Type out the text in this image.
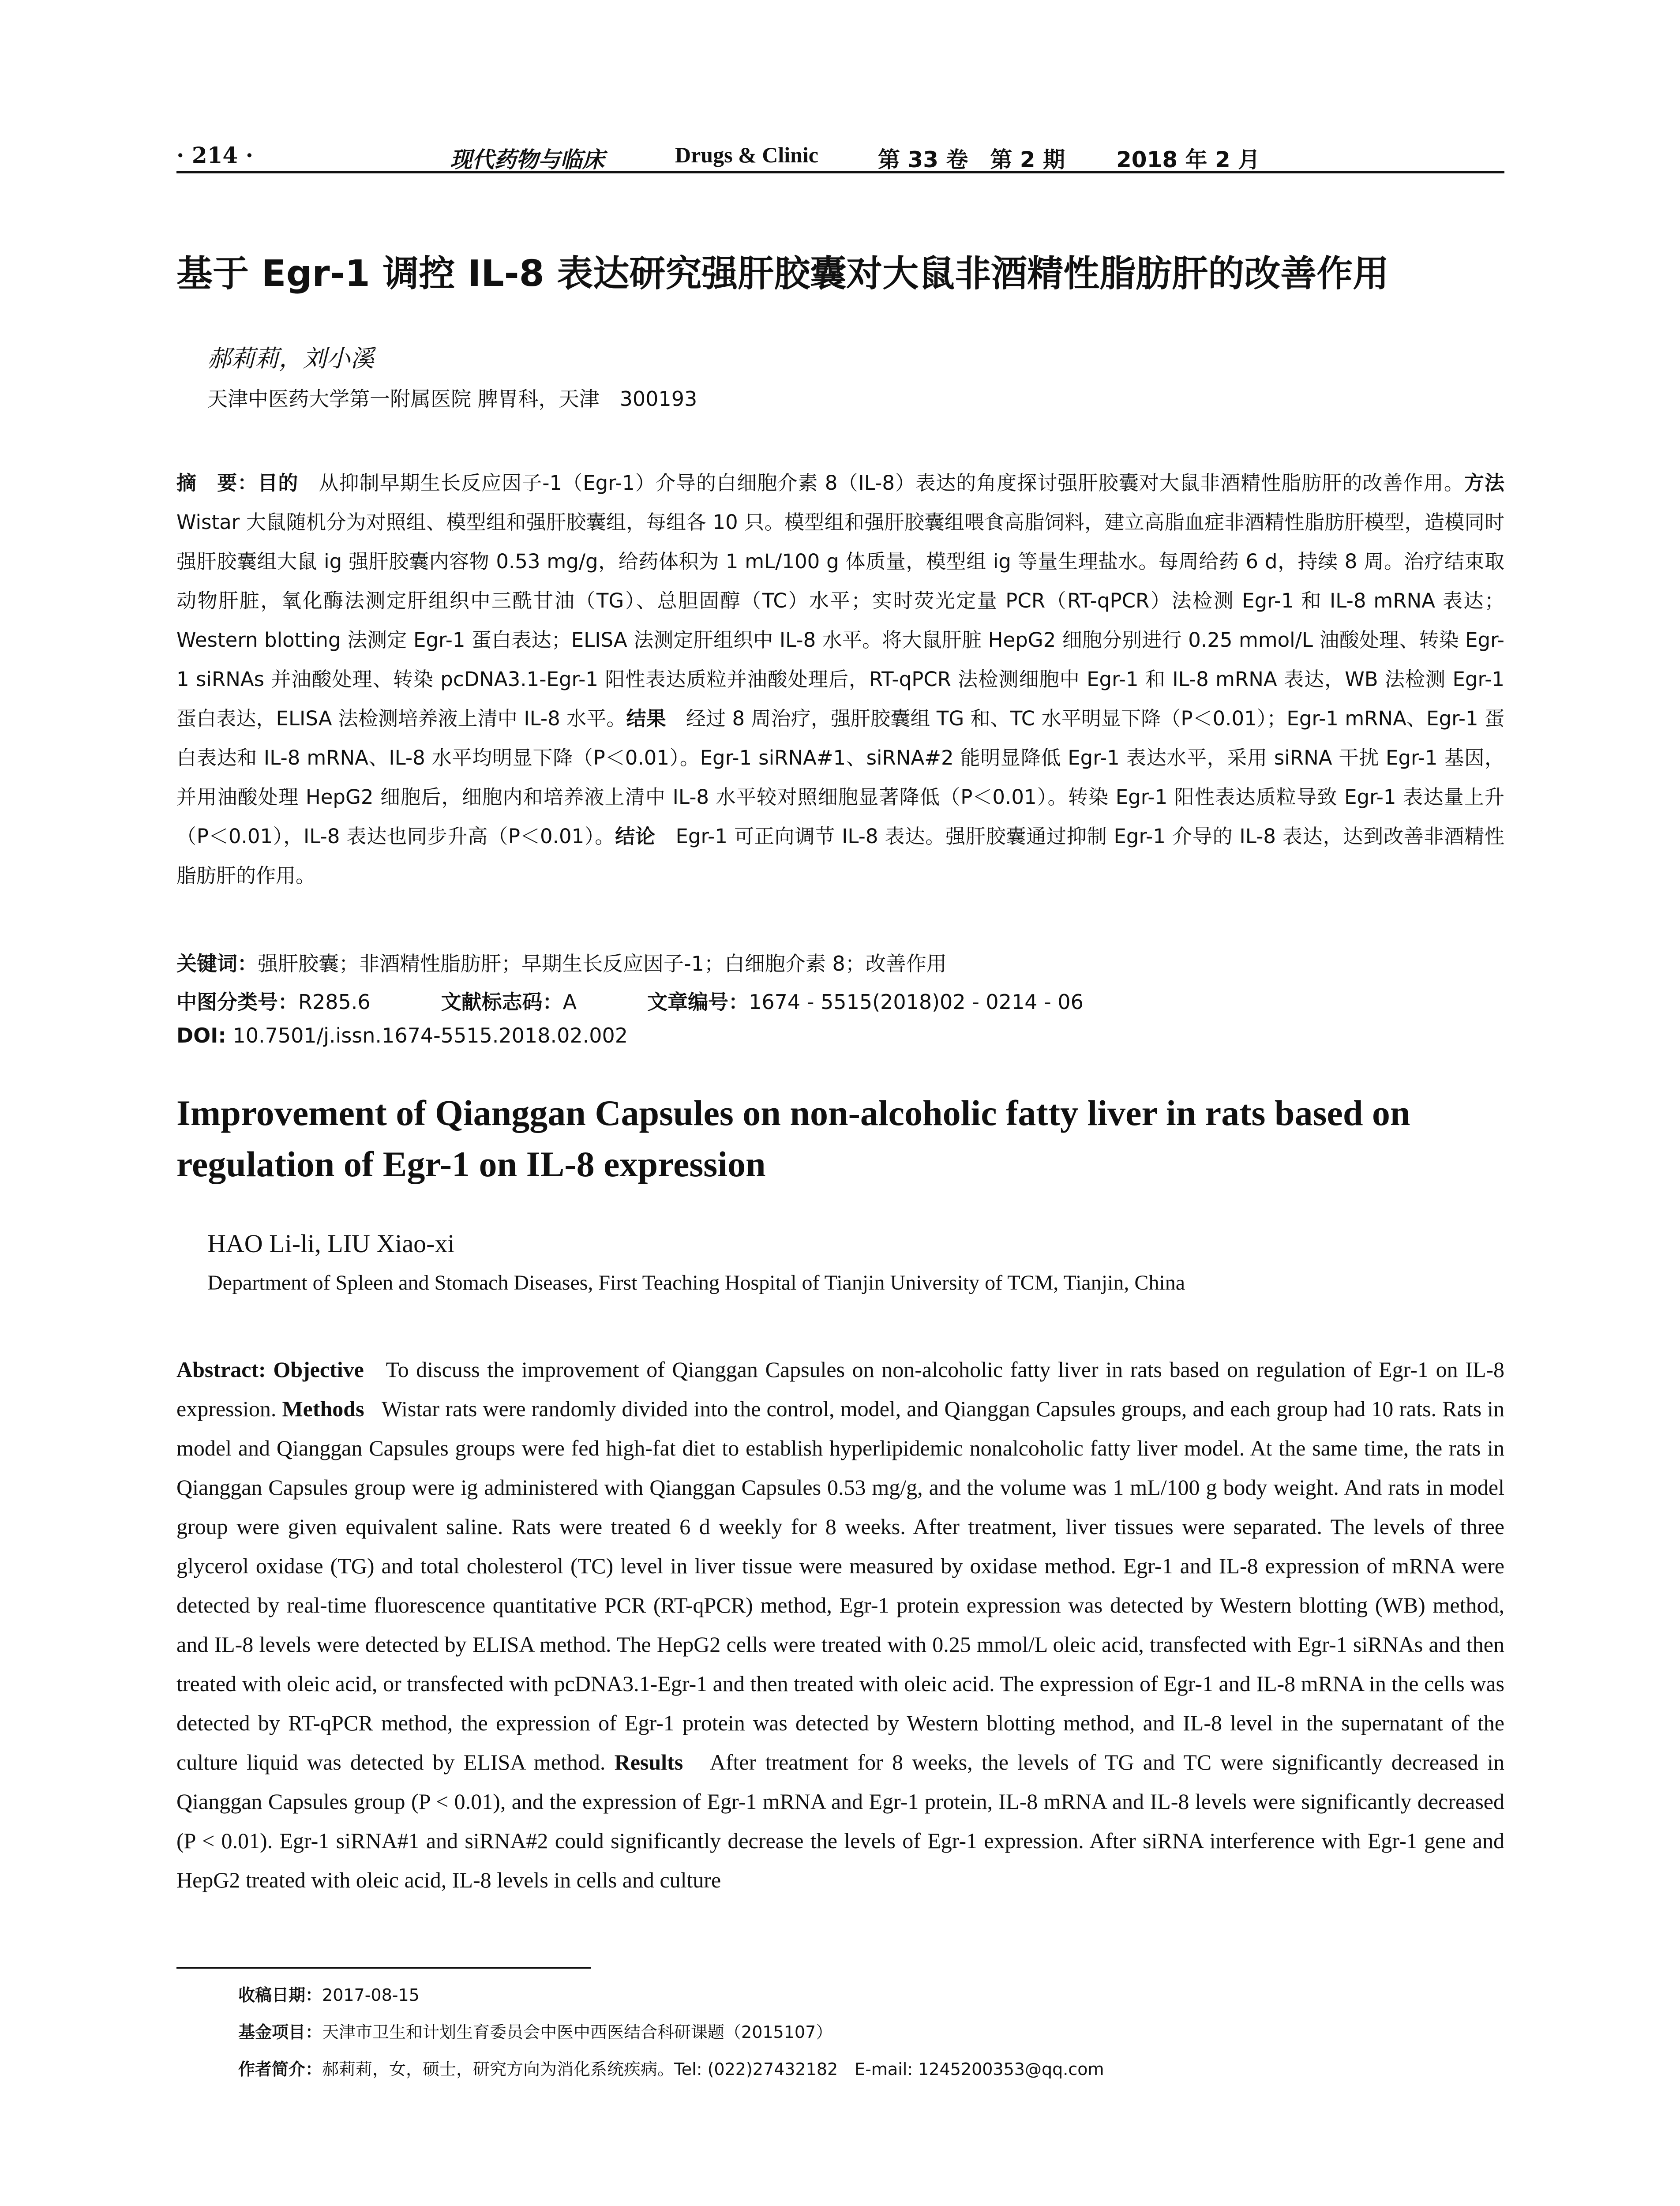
· 214 ·	现代药物与临床	Drugs & Clinic	第 33 卷　第 2 期 2018 年 2 月
基于 Egr-1 调控 IL-8 表达研究强肝胶囊对大鼠非酒精性脂肪肝的改善作用
郝莉莉，刘小溪
天津中医药大学第一附属医院 脾胃科，天津　300193
摘　要：目的　 从抑制早期生长反应因子-1（Egr-1）介导的白细胞介素 8（IL-8）表达的角度探讨强肝胶囊对大鼠非酒精性脂肪肝的改善作用。方法　Wistar 大鼠随机分为对照组、模型组和强肝胶囊组，每组各 10 只。模型组和强肝胶囊组喂食高脂饲料，建立高脂血症非酒精性脂肪肝模型，造模同时强肝胶囊组大鼠 ig 强肝胶囊内容物 0.53 mg/g，给药体积为 1 mL/100 g 体质量，模型组 ig 等量生理盐水。每周给药 6 d，持续 8 周。治疗结束取动物肝脏，氧化酶法测定肝组织中三酰甘油（TG）、总胆固醇（TC）水平；实时荧光定量 PCR（RT-qPCR）法检测 Egr-1 和 IL-8 mRNA 表达；Western blotting 法测定 Egr-1 蛋白表达；ELISA 法测定肝组织中 IL-8 水平。将大鼠肝脏 HepG2 细胞分别进行 0.25 mmol/L 油酸处理、转染 Egr-1 siRNAs 并油酸处理、转染 pcDNA3.1-Egr-1 阳性表达质粒并油酸处理后，RT-qPCR 法检测细胞中 Egr-1 和 IL-8 mRNA 表达，WB 法检测 Egr-1 蛋白表达，ELISA 法检测培养液上清中 IL-8 水平。结果　 经过 8 周治疗，强肝胶囊组 TG 和、TC 水平明显下降（P＜0.01）；Egr-1 mRNA、Egr-1 蛋白表达和 IL-8 mRNA、IL-8 水平均明显下降（P＜0.01）。Egr-1 siRNA#1、siRNA#2 能明显降低 Egr-1 表达水平，采用 siRNA 干扰 Egr-1 基因，并用油酸处理 HepG2 细胞后，细胞内和培养液上清中 IL-8 水平较对照细胞显著降低（P＜0.01）。转染 Egr-1 阳性表达质粒导致 Egr-1 表达量上升（P＜0.01），IL-8 表达也同步升高（P＜0.01）。结论　 Egr-1 可正向调节 IL-8 表达。强肝胶囊通过抑制 Egr-1 介导的 IL-8 表达，达到改善非酒精性脂肪肝的作用。
关键词：强肝胶囊；非酒精性脂肪肝；早期生长反应因子-1；白细胞介素 8；改善作用
中图分类号：R285.6	文献标志码：A	文章编号：1674 - 5515(2018)02 - 0214 - 06
DOI: 10.7501/j.issn.1674-5515.2018.02.002
Improvement of Qianggan Capsules on non-alcoholic fatty liver in rats based on regulation of Egr-1 on IL-8 expression
HAO Li-li, LIU Xiao-xi
Department of Spleen and Stomach Diseases, First Teaching Hospital of Tianjin University of TCM, Tianjin, China
Abstract: Objective To discuss the improvement of Qianggan Capsules on non-alcoholic fatty liver in rats based on regulation of Egr-1 on IL-8 expression. Methods Wistar rats were randomly divided into the control, model, and Qianggan Capsules groups, and each group had 10 rats. Rats in model and Qianggan Capsules groups were fed high-fat diet to establish hyperlipidemic nonalcoholic fatty liver model. At the same time, the rats in Qianggan Capsules group were ig administered with Qianggan Capsules 0.53 mg/g, and the volume was 1 mL/100 g body weight. And rats in model group were given equivalent saline. Rats were treated 6 d weekly for 8 weeks. After treatment, liver tissues were separated. The levels of three glycerol oxidase (TG) and total cholesterol (TC) level in liver tissue were measured by oxidase method. Egr-1 and IL-8 expression of mRNA were detected by real-time fluorescence quantitative PCR (RT-qPCR) method, Egr-1 protein expression was detected by Western blotting (WB) method, and IL-8 levels were detected by ELISA method. The HepG2 cells were treated with 0.25 mmol/L oleic acid, transfected with Egr-1 siRNAs and then treated with oleic acid, or transfected with pcDNA3.1-Egr-1 and then treated with oleic acid. The expression of Egr-1 and IL-8 mRNA in the cells was detected by RT-qPCR method, the expression of Egr-1 protein was detected by Western blotting method, and IL-8 level in the supernatant of the culture liquid was detected by ELISA method. Results After treatment for 8 weeks, the levels of TG and TC were significantly decreased in Qianggan Capsules group (P < 0.01), and the expression of Egr-1 mRNA and Egr-1 protein, IL-8 mRNA and IL-8 levels were significantly decreased (P < 0.01). Egr-1 siRNA#1 and siRNA#2 could significantly decrease the levels of Egr-1 expression. After siRNA interference with Egr-1 gene and HepG2 treated with oleic acid, IL-8 levels in cells and culture
收稿日期：2017-08-15
基金项目：天津市卫生和计划生育委员会中医中西医结合科研课题（2015107）
作者简介：郝莉莉，女，硕士，研究方向为消化系统疾病。Tel: (022)27432182　E-mail: 1245200353@qq.com
